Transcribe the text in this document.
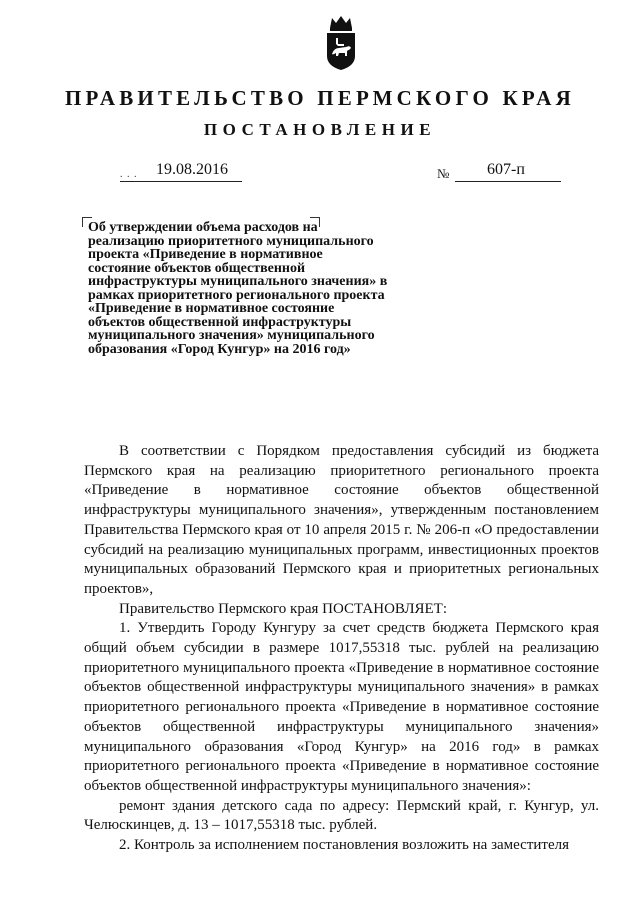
ПРАВИТЕЛЬСТВО ПЕРМСКОГО КРАЯ
ПОСТАНОВЛЕНИЕ
. . . 19.08.2016	№ 607-п
Об утверждении объема расходов на реализацию приоритетного муниципального проекта «Приведение в нормативное состояние объектов общественной инфраструктуры муниципального значения» в рамках приоритетного регионального проекта «Приведение в нормативное состояние объектов общественной инфраструктуры муниципального значения» муниципального образования «Город Кунгур» на 2016 год»

В соответствии с Порядком предоставления субсидий из бюджета Пермского края на реализацию приоритетного регионального проекта «Приведение в нормативное состояние объектов общественной инфраструктуры муниципального значения», утвержденным постановлением Правительства Пермского края от 10 апреля 2015 г. № 206-п «О предоставлении субсидий на реализацию муниципальных программ, инвестиционных проектов муниципальных образований Пермского края и приоритетных региональных проектов»,

Правительство Пермского края ПОСТАНОВЛЯЕТ:

1. Утвердить Городу Кунгуру за счет средств бюджета Пермского края общий объем субсидии в размере 1017,55318 тыс. рублей на реализацию приоритетного муниципального проекта «Приведение в нормативное состояние объектов общественной инфраструктуры муниципального значения» в рамках приоритетного регионального проекта «Приведение в нормативное состояние объектов общественной инфраструктуры муниципального значения» муниципального образования «Город Кунгур» на 2016 год» в рамках приоритетного регионального проекта «Приведение в нормативное состояние объектов общественной инфраструктуры муниципального значения»:

ремонт здания детского сада по адресу: Пермский край, г. Кунгур, ул. Челюскинцев, д. 13 – 1017,55318 тыс. рублей.

2. Контроль за исполнением постановления возложить на заместителя
